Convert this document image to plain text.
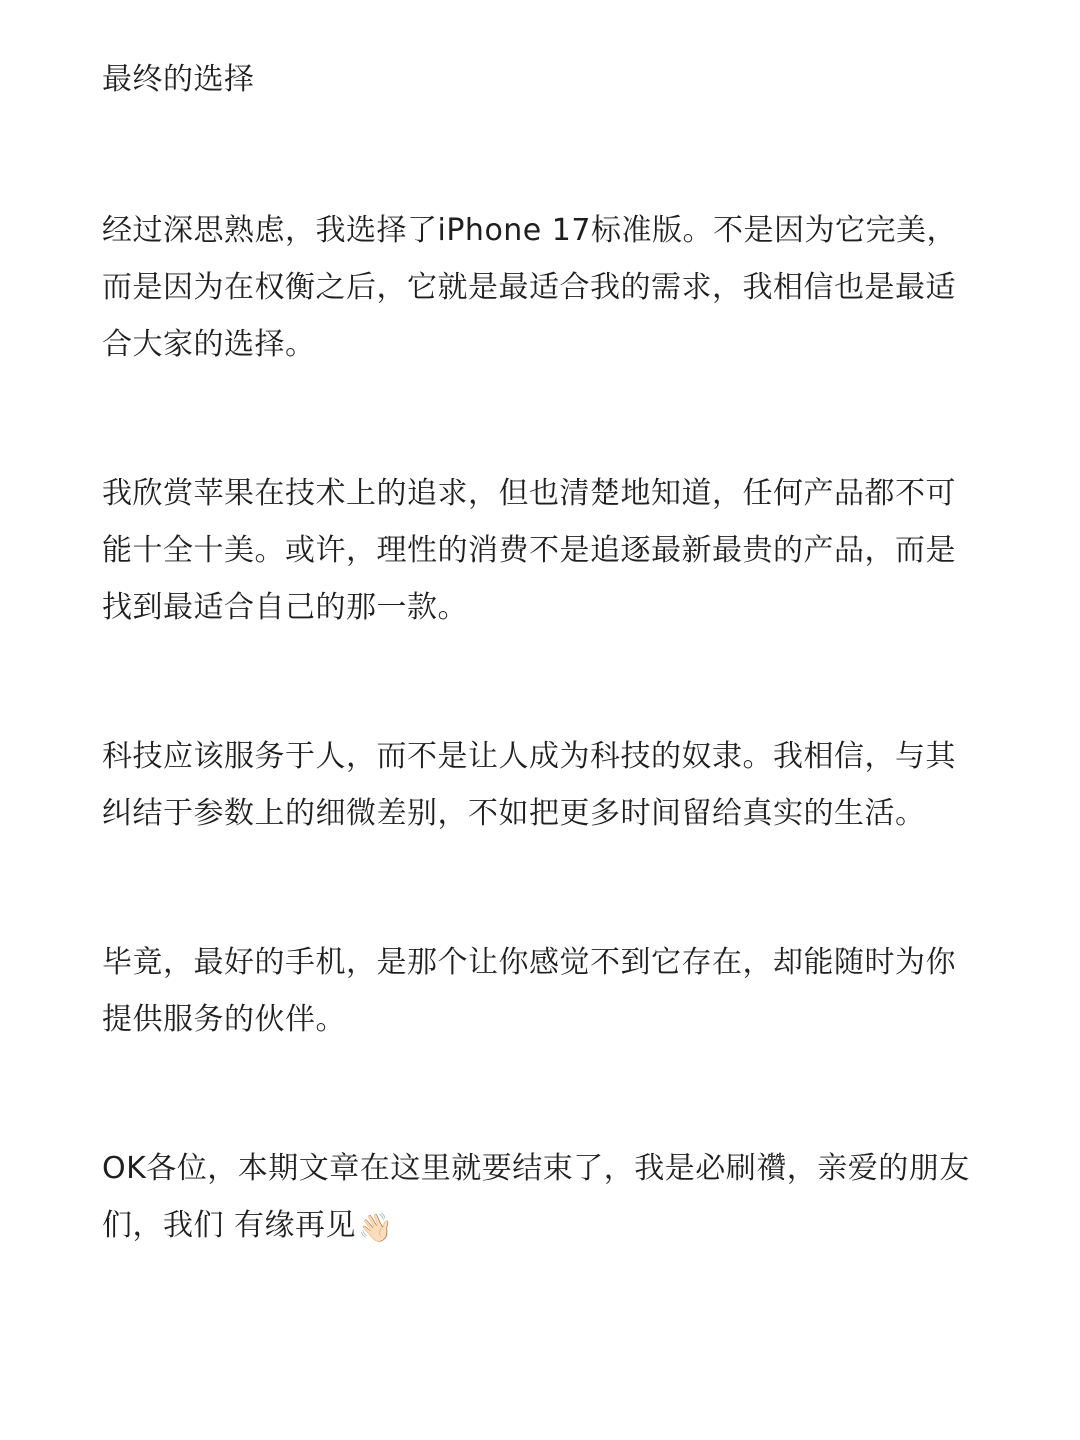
最终的选择
经过深思熟虑，我选择了iPhone 17标准版。不是因为它完美，而是因为在权衡之后，它就是最适合我的需求，我相信也是最适合大家的选择。
我欣赏苹果在技术上的追求，但也清楚地知道，任何产品都不可能十全十美。或许，理性的消费不是追逐最新最贵的产品，而是找到最适合自己的那一款。
科技应该服务于人，而不是让人成为科技的奴隶。我相信，与其纠结于参数上的细微差别，不如把更多时间留给真实的生活。
毕竟，最好的手机，是那个让你感觉不到它存在，却能随时为你提供服务的伙伴。
OK各位，本期文章在这里就要结束了，我是必刷禶，亲爱的朋友们，我们 有缘再见👋🏻
